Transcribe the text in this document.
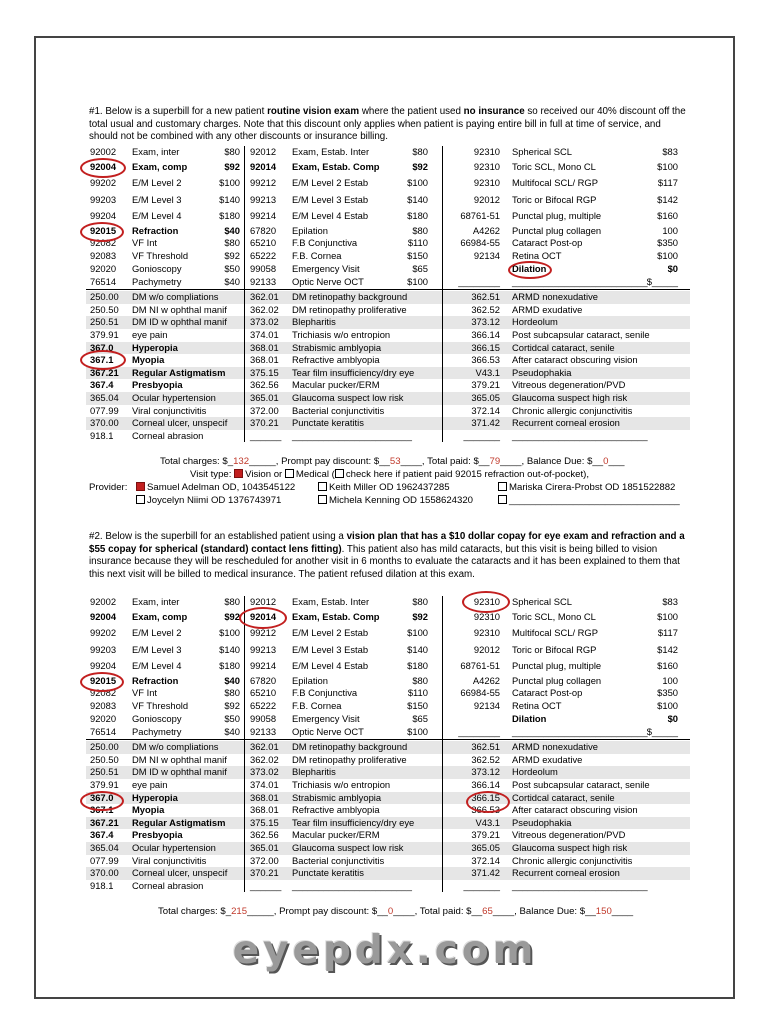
#1. Below is a superbill for a new patient routine vision exam where the patient used no insurance so received our 40% discount off the total usual and customary charges. Note that this discount only applies when patient is paying entire bill in full at time of service, and should not be combined with any other discounts or insurance billing.

92002 Exam, inter	$80 92012 Exam, Estab. Inter	$80	92310 Spherical SCL	$83
92004 Exam, comp	$92 92014 Exam, Estab. Comp	$92	92310 Toric SCL, Mono CL	$100
99202 E/M Level 2	$100 99212 E/M Level 2 Estab	$100	92310 Multifocal SCL/ RGP	$117
99203 E/M Level 3	$140 99213 E/M Level 3 Estab	$140	92012 Toric or Bifocal RGP	$142
99204 E/M Level 4	$180 99214 E/M Level 4 Estab	$180	68761-51 Punctal plug, multiple	$160
92015 Refraction	$40 67820 Epilation	$80	A4262 Punctal plug collagen	100
92082 VF Int	$80 65210 F.B Conjunctiva	$110	66984-55 Cataract Post-op	$350
92083 VF Threshold	$92 65222 F.B. Cornea	$150	92134 Retina OCT	$100
92020 Gonioscopy	$50 99058 Emergency Visit	$65	Dilation	$0
76514 Pachymetry	$40 92133 Optic Nerve OCT	$100	________ __________________________ $_____
250.00 DM w/o compliations	362.01 DM retinopathy background	362.51 ARMD nonexudative
250.50 DM NI w ophthal manif 362.02 DM retinopathy proliferative	362.52 ARMD exudative
250.51 DM ID w ophthal manif 373.02 Blepharitis	373.12 Hordeolum
379.91 eye pain	374.01 Trichiasis w/o entropion	366.14 Post subcapsular cataract, senile
367.0 Hyperopia	368.01 Strabismic amblyopia	366.15 Cortidcal cataract, senile
367.1 Myopia	368.01 Refractive amblyopia	366.53 After cataract obscuring vision
367.21 Regular Astigmatism	375.15 Tear film insufficiency/dry eye	V43.1 Pseudophakia
367.4 Presbyopia	362.56 Macular pucker/ERM	379.21 Vitreous degeneration/PVD
365.04 Ocular hypertension	365.01 Glaucoma suspect low risk	365.05 Glaucoma suspect high risk
077.99 Viral conjunctivitis	372.00 Bacterial conjunctivitis	372.14 Chronic allergic conjunctivitis
370.00 Corneal ulcer, unspecif 370.21 Punctate keratitis	371.42 Recurrent corneal erosion
918.1 Corneal abrasion	______ _______________________	_______ __________________________
Total charges: $_132_____, Prompt pay discount: $__53____, Total paid: $__79____, Balance Due: $__0___
Visit type: Vision or Medical ( check here if patient paid 92015 refraction out-of-pocket),
Provider:	Samuel Adelman OD, 1043545122	Keith Miller OD 1962437285	Mariska Cirera-Probst OD 1851522882
Joycelyn Niimi OD 1376743971	Michela Kenning OD 1558624320	________________________________

#2. Below is the superbill for an established patient using a vision plan that has a $10 dollar copay for eye exam and refraction and a $55 copay for spherical (standard) contact lens fitting). This patient also has mild cataracts, but this visit is being billed to vision insurance because they will be rescheduled for another visit in 6 months to evaluate the cataracts and it has been explained to them that this next visit will be billed to medical insurance. The patient refused dilation at this exam.

92002 Exam, inter	$80 92012 Exam, Estab. Inter	$80	92310 Spherical SCL	$83
92004 Exam, comp	$92 92014 Exam, Estab. Comp	$92	92310 Toric SCL, Mono CL	$100
99202 E/M Level 2	$100 99212 E/M Level 2 Estab	$100	92310 Multifocal SCL/ RGP	$117
99203 E/M Level 3	$140 99213 E/M Level 3 Estab	$140	92012 Toric or Bifocal RGP	$142
99204 E/M Level 4	$180 99214 E/M Level 4 Estab	$180	68761-51 Punctal plug, multiple	$160
92015 Refraction	$40 67820 Epilation	$80	A4262 Punctal plug collagen	100
92082 VF Int	$80 65210 F.B Conjunctiva	$110	66984-55 Cataract Post-op	$350
92083 VF Threshold	$92 65222 F.B. Cornea	$150	92134 Retina OCT	$100
92020 Gonioscopy	$50 99058 Emergency Visit	$65	Dilation	$0
76514 Pachymetry	$40 92133 Optic Nerve OCT	$100	________ __________________________ $_____
250.00 DM w/o compliations	362.01 DM retinopathy background	362.51 ARMD nonexudative
250.50 DM NI w ophthal manif 362.02 DM retinopathy proliferative	362.52 ARMD exudative
250.51 DM ID w ophthal manif 373.02 Blepharitis	373.12 Hordeolum
379.91 eye pain	374.01 Trichiasis w/o entropion	366.14 Post subcapsular cataract, senile
367.0 Hyperopia	368.01 Strabismic amblyopia	366.15 Cortidcal cataract, senile
367.1 Myopia	368.01 Refractive amblyopia	366.53 After cataract obscuring vision
367.21 Regular Astigmatism	375.15 Tear film insufficiency/dry eye	V43.1 Pseudophakia
367.4 Presbyopia	362.56 Macular pucker/ERM	379.21 Vitreous degeneration/PVD
365.04 Ocular hypertension	365.01 Glaucoma suspect low risk	365.05 Glaucoma suspect high risk
077.99 Viral conjunctivitis	372.00 Bacterial conjunctivitis	372.14 Chronic allergic conjunctivitis
370.00 Corneal ulcer, unspecif 370.21 Punctate keratitis	371.42 Recurrent corneal erosion
918.1 Corneal abrasion	______ _______________________	_______ __________________________
Total charges: $_215_____, Prompt pay discount: $__0____, Total paid: $__65____, Balance Due: $__150____
eyepdx.com
